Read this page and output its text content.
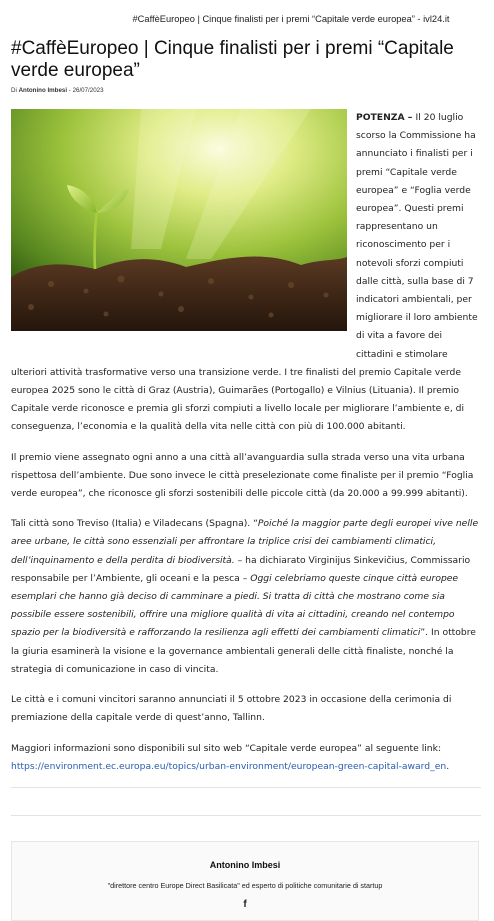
#CaffèEuropeo | Cinque finalisti per i premi “Capitale verde europea” - ivl24.it
#CaffèEuropeo | Cinque finalisti per i premi “Capitale verde europea”
Di Antonino Imbesi - 26/07/2023

POTENZA – Il 20 luglio scorso la Commissione ha annunciato i finalisti per i premi “Capitale verde europea” e “Foglia verde europea”. Questi premi rappresentano un riconoscimento per i notevoli sforzi compiuti dalle città, sulla base di 7 indicatori ambientali, per migliorare il loro ambiente di vita a favore dei cittadini e stimolare ulteriori attività trasformative verso una transizione verde. I tre finalisti del premio Capitale verde europea 2025 sono le città di Graz (Austria), Guimarães (Portogallo) e Vilnius (Lituania). Il premio Capitale verde riconosce e premia gli sforzi compiuti a livello locale per migliorare l’ambiente e, di conseguenza, l’economia e la qualità della vita nelle città con più di 100.000 abitanti.

Il premio viene assegnato ogni anno a una città all’avanguardia sulla strada verso una vita urbana rispettosa dell’ambiente. Due sono invece le città preselezionate come finaliste per il premio “Foglia verde europea”, che riconosce gli sforzi sostenibili delle piccole città (da 20.000 a 99.999 abitanti).

Tali città sono Treviso (Italia) e Viladecans (Spagna). “Poiché la maggior parte degli europei vive nelle aree urbane, le città sono essenziali per affrontare la triplice crisi dei cambiamenti climatici, dell’inquinamento e della perdita di biodiversità. – ha dichiarato Virginijus Sinkevičius, Commissario responsabile per l’Ambiente, gli oceani e la pesca – Oggi celebriamo queste cinque città europee esemplari che hanno già deciso di camminare a piedi. Si tratta di città che mostrano come sia possibile essere sostenibili, offrire una migliore qualità di vita ai cittadini, creando nel contempo spazio per la biodiversità e rafforzando la resilienza agli effetti dei cambiamenti climatici”. In ottobre la giuria esaminerà la visione e la governance ambientali generali delle città finaliste, nonché la strategia di comunicazione in caso di vincita.

Le città e i comuni vincitori saranno annunciati il 5 ottobre 2023 in occasione della cerimonia di premiazione della capitale verde di quest’anno, Tallinn.

Maggiori informazioni sono disponibili sul sito web “Capitale verde europea” al seguente link: https://environment.ec.europa.eu/topics/urban-environment/european-green-capital-award_en.

Antonino Imbesi
"direttore centro Europe Direct Basilicata" ed esperto di politiche comunitarie di startup
f
